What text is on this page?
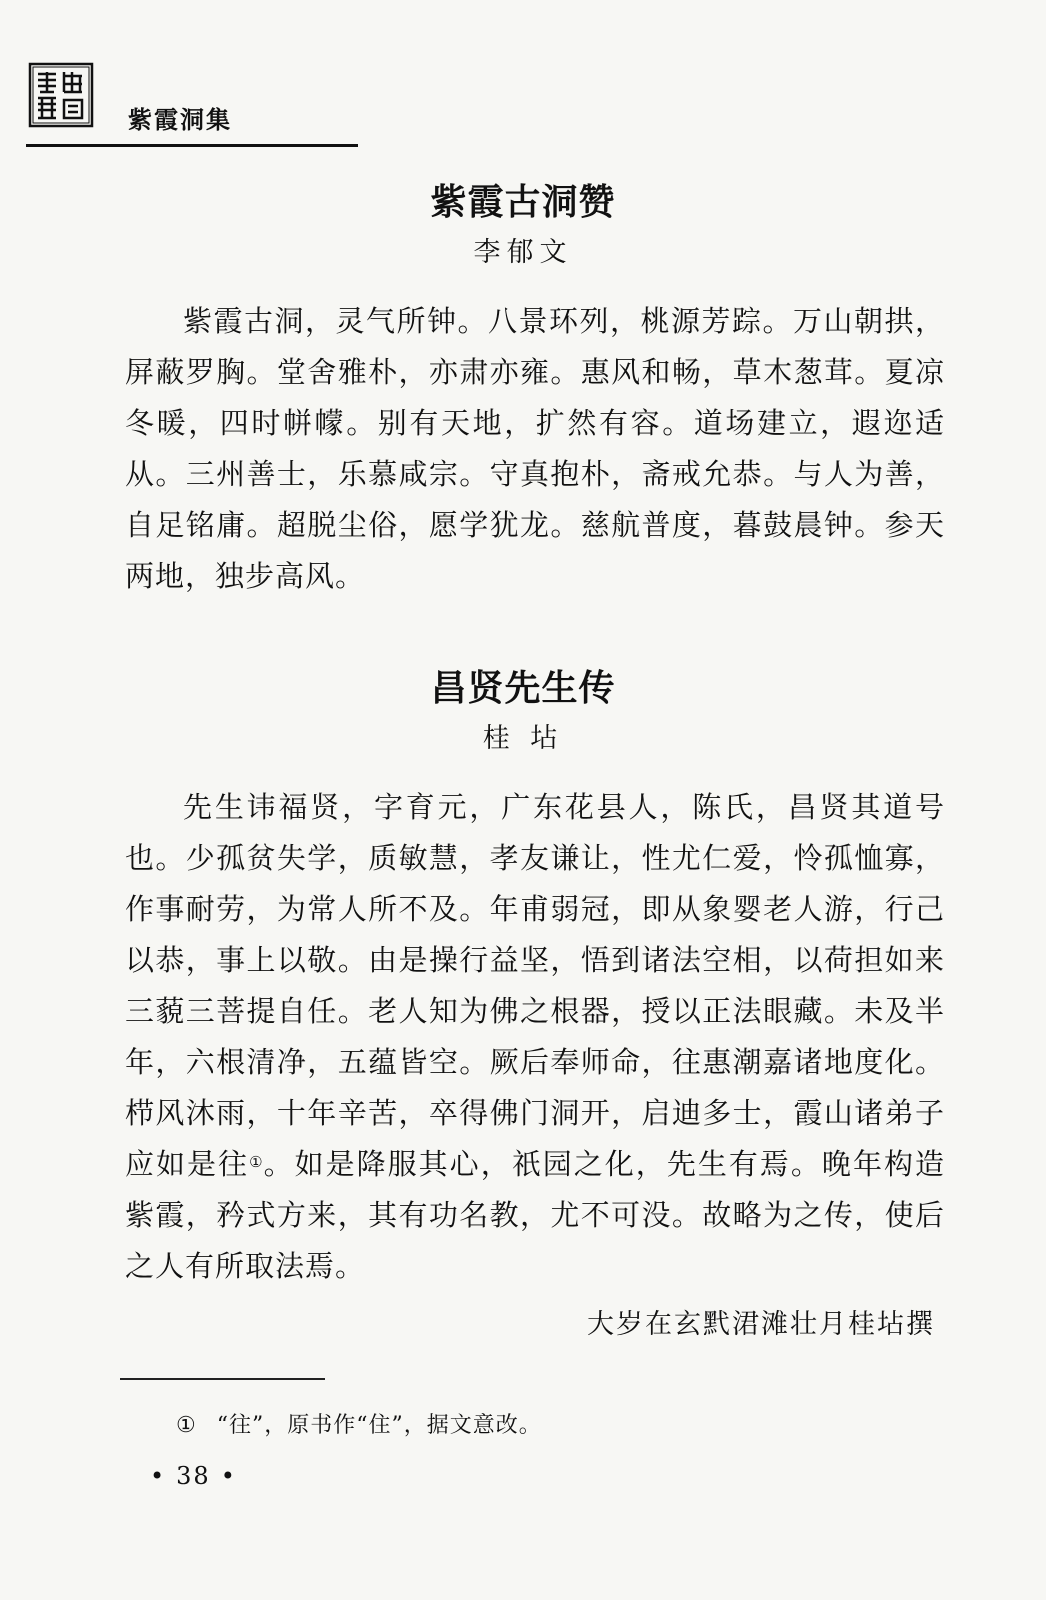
紫霞洞集
紫霞古洞赞
李郁文

紫霞古洞，灵气所钟。八景环列，桃源芳踪。万山朝拱，屏蔽罗胸。堂舍雅朴，亦肃亦雍。惠风和畅，草木葱茸。夏凉冬暖，四时帡幪。别有天地，扩然有容。道场建立，遐迩适从。三州善士，乐慕咸宗。守真抱朴，斋戒允恭。与人为善，自足铭庸。超脱尘俗，愿学犹龙。慈航普度，暮鼓晨钟。参天两地，独步高风。

昌贤先生传
桂 坫

先生讳福贤，字育元，广东花县人，陈氏，昌贤其道号也。少孤贫失学，质敏慧，孝友谦让，性尤仁爱，怜孤恤寡，作事耐劳，为常人所不及。年甫弱冠，即从象婴老人游，行己以恭，事上以敬。由是操行益坚，悟到诸法空相，以荷担如来三藐三菩提自任。老人知为佛之根器，授以正法眼藏。未及半年，六根清净，五蕴皆空。厥后奉师命，往惠潮嘉诸地度化。栉风沐雨，十年辛苦，卒得佛门洞开，启迪多士，霞山诸弟子应如是往①。如是降服其心，祇园之化，先生有焉。晚年构造紫霞，矜式方来，其有功名教，尤不可没。故略为之传，使后之人有所取法焉。

大岁在玄黓涒滩壮月桂坫撰
① “往”，原书作“住”，据文意改。
• 38 •
